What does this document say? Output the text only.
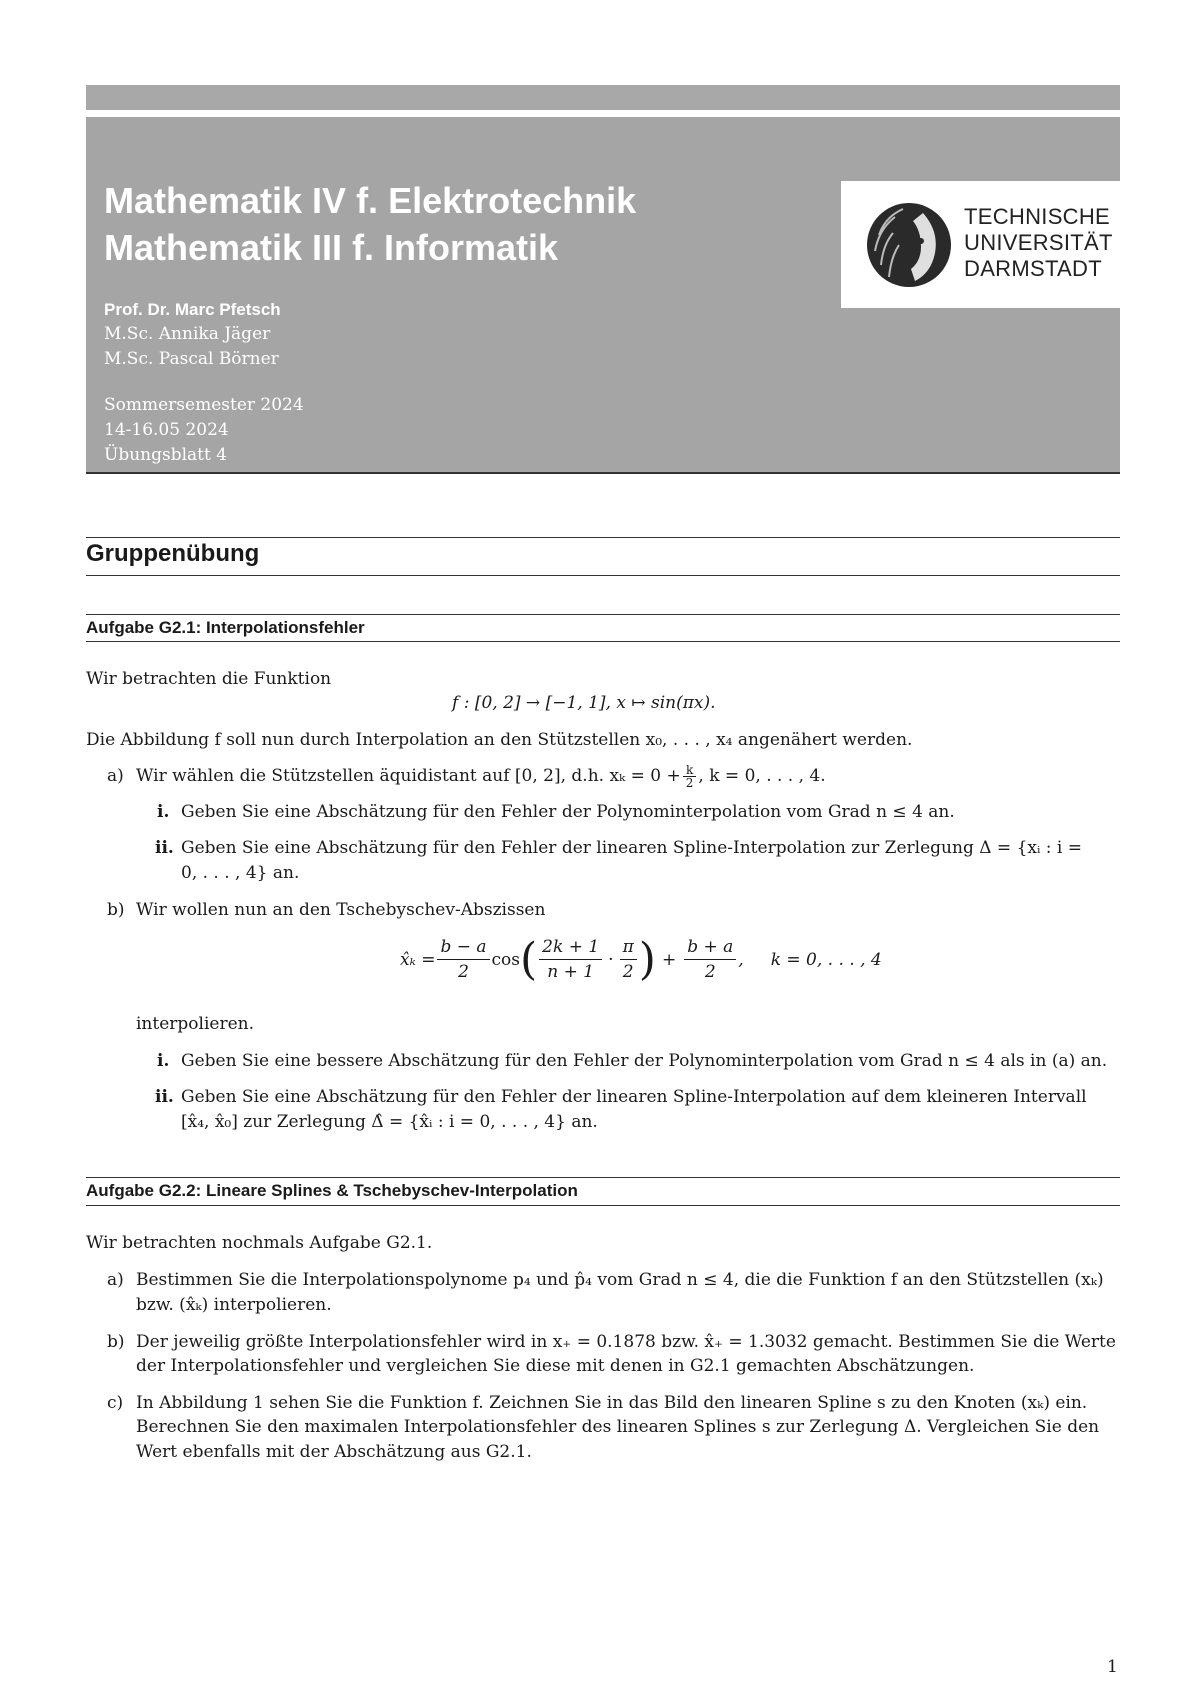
Mathematik IV f. Elektrotechnik
Mathematik III f. Informatik
Prof. Dr. Marc Pfetsch
M.Sc. Annika Jäger
M.Sc. Pascal Börner
Sommersemester 2024
14-16.05 2024
Übungsblatt 4
TECHNISCHE
UNIVERSITÄT
DARMSTADT
Gruppenübung
Aufgabe G2.1: Interpolationsfehler

Wir betrachten die Funktion

f : [0, 2] → [−1, 1], x ↦ sin(πx).

Die Abbildung f soll nun durch Interpolation an den Stützstellen x₀, . . . , x₄ angenähert werden.

a) Wir wählen die Stützstellen äquidistant auf [0, 2], d.h. $x_k = 0 + \frac{k}{2}$ , k = 0, . . . , 4.

i. Geben Sie eine Abschätzung für den Fehler der Polynominterpolation vom Grad n ≤ 4 an.

ii. Geben Sie eine Abschätzung für den Fehler der linearen Spline-Interpolation zur Zerlegung Δ = {xᵢ : i =

0, . . . , 4} an.

b) Wir wollen nun an den Tschebyschev-Abszissen

x̂ₖ = $\frac{b - a}{2}$ cos ( $\frac{2k + 1}{n + 1} \cdot \frac{\pi}{2}$ ) + $\frac{b + a}{2}$ ,     k = 0, . . . , 4

interpolieren.

i. Geben Sie eine bessere Abschätzung für den Fehler der Polynominterpolation vom Grad n ≤ 4 als in (a) an.

ii. Geben Sie eine Abschätzung für den Fehler der linearen Spline-Interpolation auf dem kleineren Intervall

[x̂₄, x̂₀] zur Zerlegung Δ̂ = {x̂ᵢ : i = 0, . . . , 4} an.

Aufgabe G2.2: Lineare Splines & Tschebyschev-Interpolation

Wir betrachten nochmals Aufgabe G2.1.

a) Bestimmen Sie die Interpolationspolynome p₄ und p̂₄ vom Grad n ≤ 4, die die Funktion f an den Stützstellen (xₖ)

bzw. (x̂ₖ) interpolieren.

b) Der jeweilig größte Interpolationsfehler wird in x₊ = 0.1878 bzw. x̂₊ = 1.3032 gemacht. Bestimmen Sie die Werte

der Interpolationsfehler und vergleichen Sie diese mit denen in G2.1 gemachten Abschätzungen.

c) In Abbildung 1 sehen Sie die Funktion f. Zeichnen Sie in das Bild den linearen Spline s zu den Knoten (xₖ) ein.

Berechnen Sie den maximalen Interpolationsfehler des linearen Splines s zur Zerlegung Δ. Vergleichen Sie den

Wert ebenfalls mit der Abschätzung aus G2.1.

1
